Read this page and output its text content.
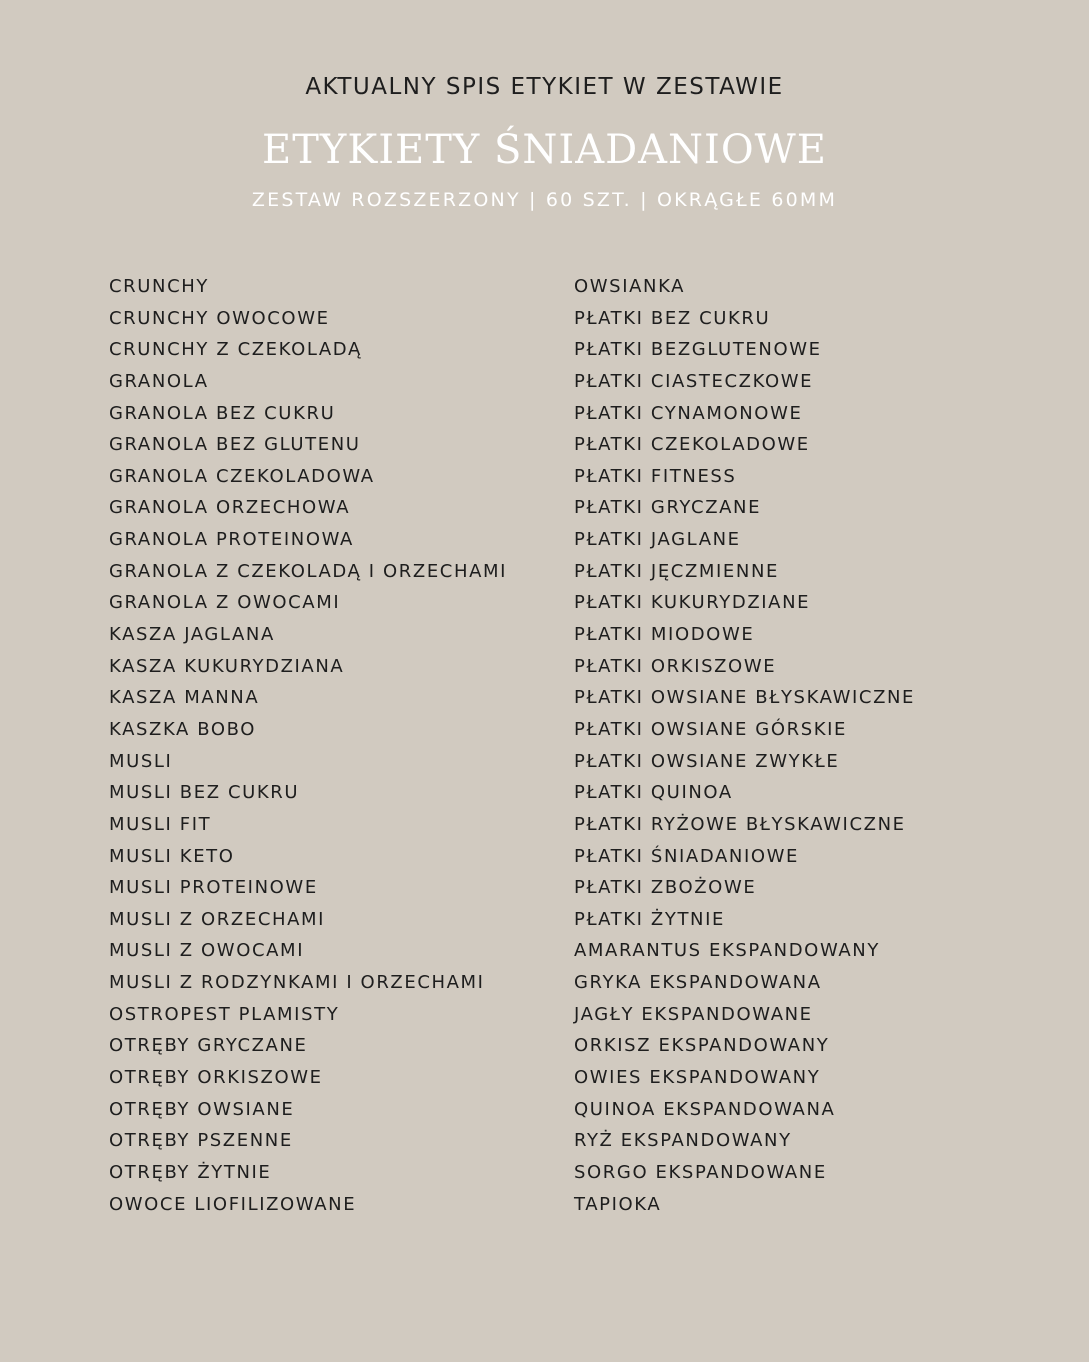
AKTUALNY SPIS ETYKIET W ZESTAWIE
ETYKIETY ŚNIADANIOWE
ZESTAW ROZSZERZONY | 60 SZT. | OKRĄGŁE 60MM
CRUNCHY
CRUNCHY OWOCOWE
CRUNCHY Z CZEKOLADĄ
GRANOLA
GRANOLA BEZ CUKRU
GRANOLA BEZ GLUTENU
GRANOLA CZEKOLADOWA
GRANOLA ORZECHOWA
GRANOLA PROTEINOWA
GRANOLA Z CZEKOLADĄ I ORZECHAMI
GRANOLA Z OWOCAMI
KASZA JAGLANA
KASZA KUKURYDZIANA
KASZA MANNA
KASZKA BOBO
MUSLI
MUSLI BEZ CUKRU
MUSLI FIT
MUSLI KETO
MUSLI PROTEINOWE
MUSLI Z ORZECHAMI
MUSLI Z OWOCAMI
MUSLI Z RODZYNKAMI I ORZECHAMI
OSTROPEST PLAMISTY
OTRĘBY GRYCZANE
OTRĘBY ORKISZOWE
OTRĘBY OWSIANE
OTRĘBY PSZENNE
OTRĘBY ŻYTNIE
OWOCE LIOFILIZOWANE
OWSIANKA
PŁATKI BEZ CUKRU
PŁATKI BEZGLUTENOWE
PŁATKI CIASTECZKOWE
PŁATKI CYNAMONOWE
PŁATKI CZEKOLADOWE
PŁATKI FITNESS
PŁATKI GRYCZANE
PŁATKI JAGLANE
PŁATKI JĘCZMIENNE
PŁATKI KUKURYDZIANE
PŁATKI MIODOWE
PŁATKI ORKISZOWE
PŁATKI OWSIANE BŁYSKAWICZNE
PŁATKI OWSIANE GÓRSKIE
PŁATKI OWSIANE ZWYKŁE
PŁATKI QUINOA
PŁATKI RYŻOWE BŁYSKAWICZNE
PŁATKI ŚNIADANIOWE
PŁATKI ZBOŻOWE
PŁATKI ŻYTNIE
AMARANTUS EKSPANDOWANY
GRYKA EKSPANDOWANA
JAGŁY EKSPANDOWANE
ORKISZ EKSPANDOWANY
OWIES EKSPANDOWANY
QUINOA EKSPANDOWANA
RYŻ EKSPANDOWANY
SORGO EKSPANDOWANE
TAPIOKA
